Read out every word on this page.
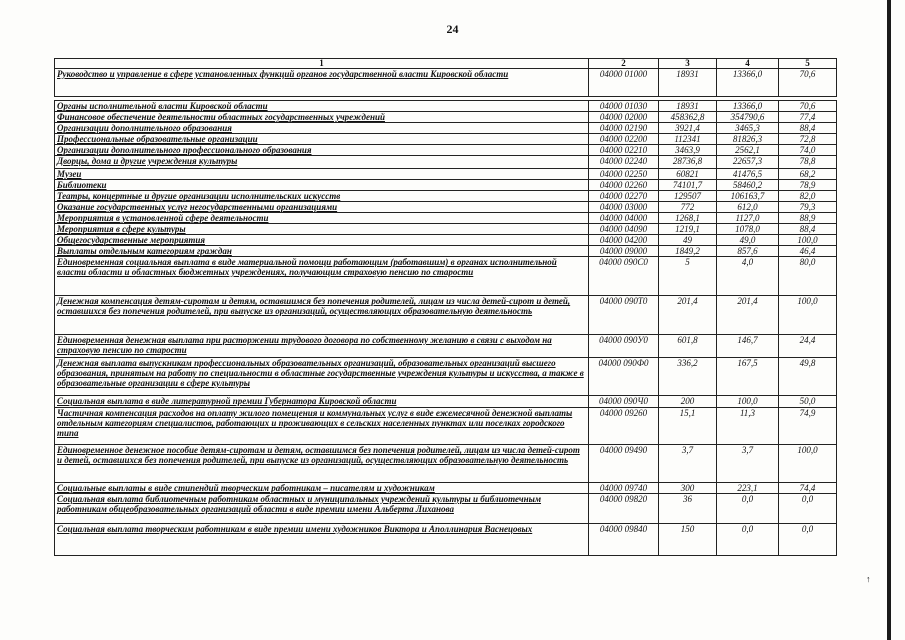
24
↑
1	2	3	4	5
Руководство и управление в сфере установленных функций органов государственной власти Кировской области	04000 01000	18931	13366,0	70,6

Органы исполнительной власти Кировской области	04000 01030	18931	13366,0	70,6
Финансовое обеспечение деятельности областных государственных учреждений	04000 02000	458362,8	354790,6	77,4
Организации дополнительного образования	04000 02190	3921,4	3465,3	88,4
Профессиональные образовательные организации	04000 02200	112341	81826,3	72,8
Организации дополнительного профессионального образования	04000 02210	3463,9	2562,1	74,0
Дворцы, дома и другие учреждения культуры	04000 02240	28736,8	22657,3	78,8
Музеи	04000 02250	60821	41476,5	68,2
Библиотеки	04000 02260	74101,7	58460,2	78,9
Театры, концертные и другие организации исполнительских искусств	04000 02270	129507	106163,7	82,0
Оказание государственных услуг негосударственными организациями	04000 03000	772	612,0	79,3
Мероприятия в установленной сфере деятельности	04000 04000	1268,1	1127,0	88,9
Мероприятия в сфере культуры	04000 04090	1219,1	1078,0	88,4
Общегосударственные мероприятия	04000 04200	49	49,0	100,0
Выплаты отдельным категориям граждан	04000 09000	1849,2	857,6	46,4
Единовременная социальная выплата в виде материальной помощи работающим (работавшим) в органах исполнительной власти области и областных бюджетных учреждениях, получающим страховую пенсию по старости	04000 090С0	5	4,0	80,0
Денежная компенсация детям-сиротам и детям, оставшимся без попечения родителей, лицам из числа детей-сирот и детей, оставшихся без попечения родителей, при выпуске из организаций, осуществляющих образовательную деятельность	04000 090Т0	201,4	201,4	100,0
Единовременная денежная выплата при расторжении трудового договора по собственному желанию в связи с выходом на страховую пенсию по старости	04000 090У0	601,8	146,7	24,4
Денежная выплата выпускникам профессиональных образовательных организаций, образовательных организаций высшего образования, принятым на работу по специальности в областные государственные учреждения культуры и искусства, а также в образовательные организации в сфере культуры	04000 090Ф0	336,2	167,5	49,8
Социальная выплата в виде литературной премии Губернатора Кировской области	04000 090Ч0	200	100,0	50,0
Частичная компенсация расходов на оплату жилого помещения и коммунальных услуг в виде ежемесячной денежной выплаты отдельным категориям специалистов, работающих и проживающих в сельских населенных пунктах или поселках городского типа	04000 09260	15,1	11,3	74,9
Единовременное денежное пособие детям-сиротам и детям, оставшимся без попечения родителей, лицам из числа детей-сирот и детей, оставшихся без попечения родителей, при выпуске из организаций, осуществляющих образовательную деятельность	04000 09490	3,7	3,7	100,0
Социальные выплаты в виде стипендий творческим работникам – писателям и художникам	04000 09740	300	223,1	74,4
Социальная выплата библиотечным работникам областных и муниципальных учреждений культуры и библиотечным работникам общеобразовательных организаций области в виде премии имени Альберта Лиханова	04000 09820	36	0,0	0,0
Социальная выплата творческим работникам в виде премии имени художников Виктора и Аполлинария Васнецовых	04000 09840	150	0,0	0,0
